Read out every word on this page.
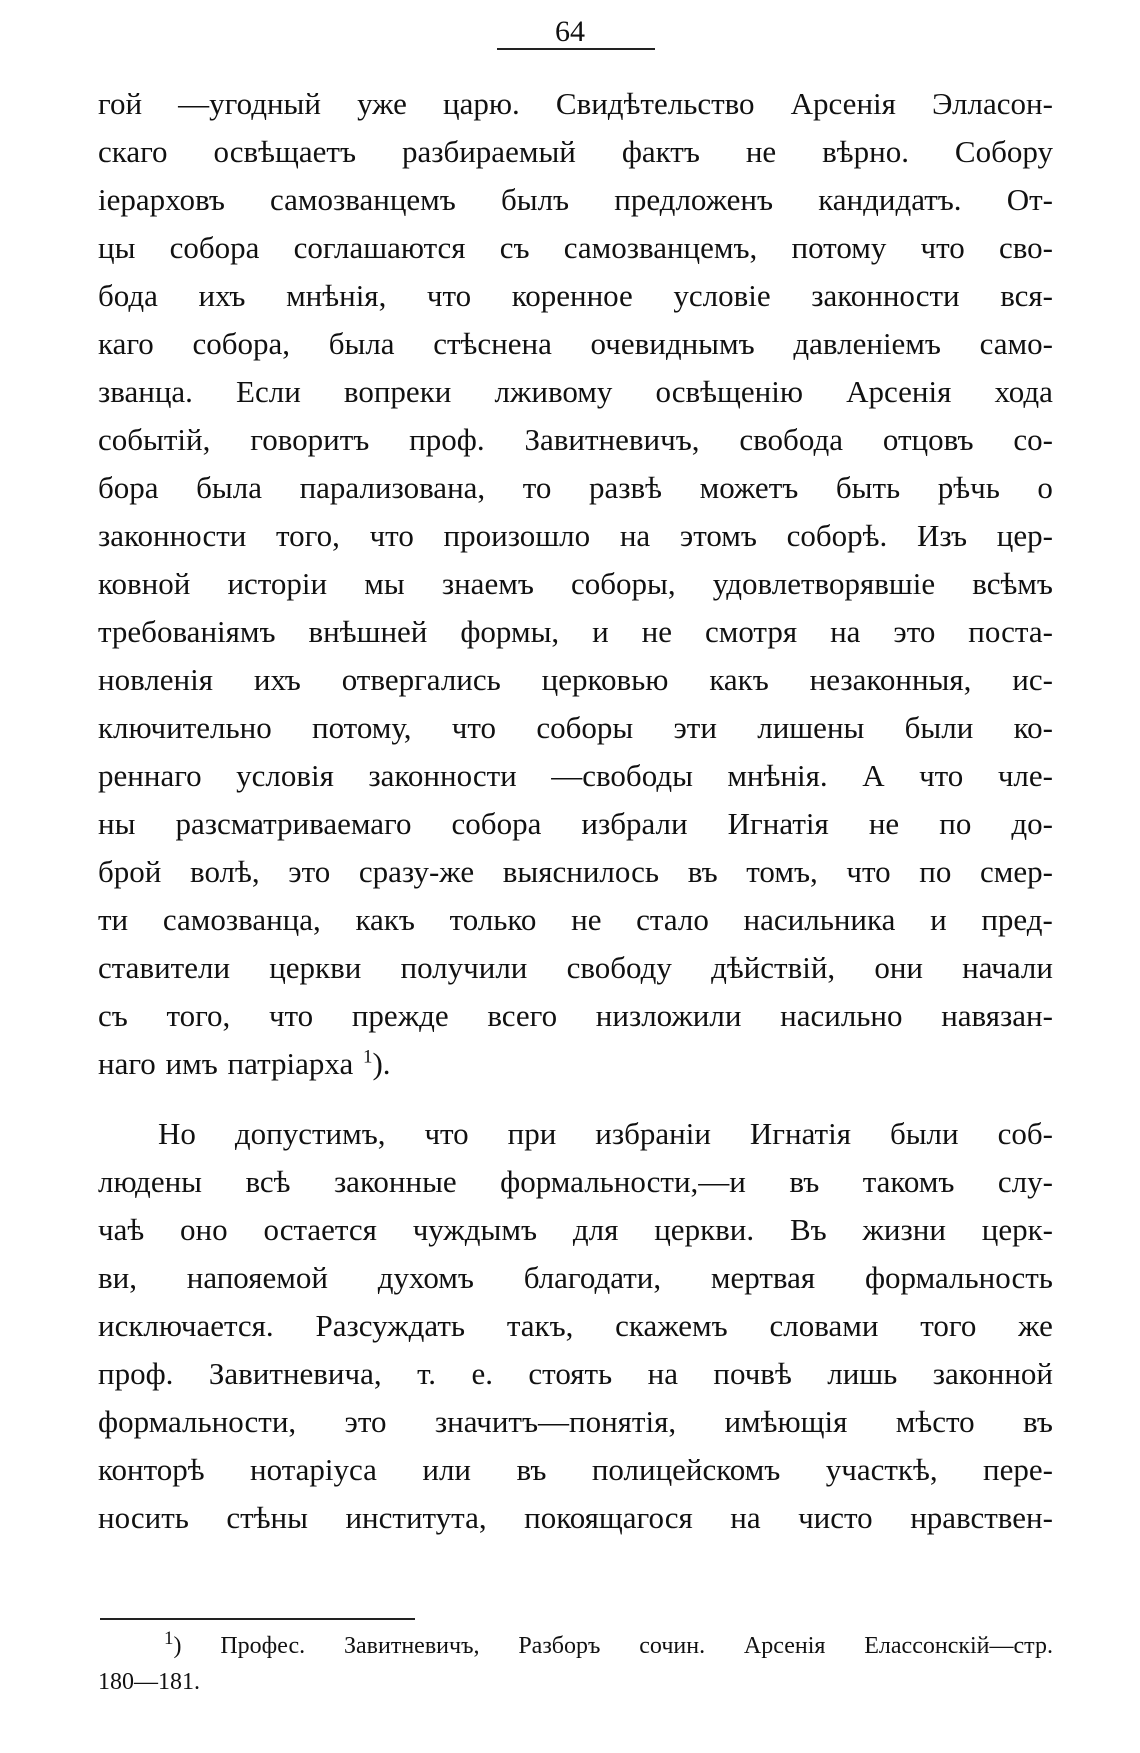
64
гой —угодный уже царю. Свидѣтельство Арсенія Элласон-
скаго освѣщаетъ разбираемый фактъ не вѣрно. Собору
іерарховъ самозванцемъ былъ предложенъ кандидатъ. От-
цы собора соглашаются съ самозванцемъ, потому что сво-
бода ихъ мнѣнія, что коренное условіе законности вся-
каго собора, была стѣснена очевиднымъ давленіемъ само-
званца. Если вопреки лживому освѣщенію Арсенія хода
событій, говоритъ проф. Завитневичъ, свобода отцовъ со-
бора была парализована, то развѣ можетъ быть рѣчь о
законности того, что произошло на этомъ соборѣ. Изъ цер-
ковной исторіи мы знаемъ соборы, удовлетворявшіе всѣмъ
требованіямъ внѣшней формы, и не смотря на это поста-
новленія ихъ отвергались церковью какъ незаконныя, ис-
ключительно потому, что соборы эти лишены были ко-
реннаго условія законности —свободы мнѣнія. А что чле-
ны разсматриваемаго собора избрали Игнатія не по до-
брой волѣ, это сразу-же выяснилось въ томъ, что по смер-
ти самозванца, какъ только не стало насильника и пред-
ставители церкви получили свободу дѣйствій, они начали
съ того, что прежде всего низложили насильно навязан-
наго имъ патріарха $^1$).
Но допустимъ, что при избраніи Игнатія были соб-
людены всѣ законные формальности,—и въ такомъ слу-
чаѣ оно остается чуждымъ для церкви. Въ жизни церк-
ви, напояемой духомъ благодати, мертвая формальность
исключается. Разсуждать такъ, скажемъ словами того же
проф. Завитневича, т. е. стоять на почвѣ лишь законной
формальности, это значитъ—понятія, имѣющія мѣсто въ
конторѣ нотаріуса или въ полицейскомъ участкѣ, пере-
носить стѣны института, покоящагося на чисто нравствен-
$^1$) Профес. Завитневичъ, Разборъ сочин. Арсенія Елассонскій—стр.
180—181.
